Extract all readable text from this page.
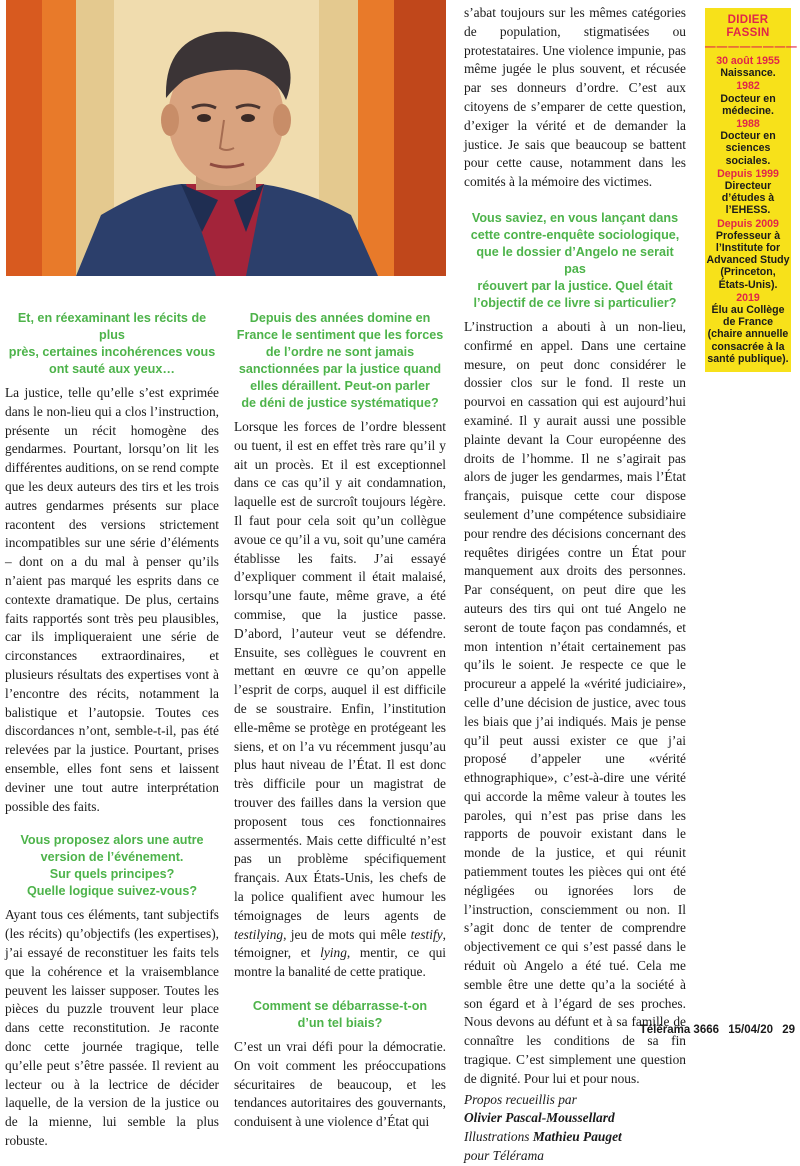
Et, en réexaminant les récits de plus
près, certaines incohérences vous
ont sauté aux yeux…

La justice, telle qu’elle s’est exprimée dans le non-lieu qui a clos l’instruction, présente un récit homogène des gendarmes. Pourtant, lorsqu’on lit les différentes auditions, on se rend compte que les deux auteurs des tirs et les trois autres gendarmes présents sur place racontent des versions strictement incompatibles sur une série d’éléments – dont on a du mal à penser qu’ils n’aient pas marqué les esprits dans ce contexte dramatique. De plus, certains faits rapportés sont très peu plausibles, car ils impliqueraient une série de circonstances extraordinaires, et plusieurs résultats des expertises vont à l’encontre des récits, notamment la balistique et l’autopsie. Toutes ces discordances n’ont, semble-t-il, pas été relevées par la justice. Pourtant, prises ensemble, elles font sens et laissent deviner une tout autre interprétation possible des faits.

Vous proposez alors une autre
version de l’événement.
Sur quels principes?
Quelle logique suivez-vous?

Ayant tous ces éléments, tant subjectifs (les récits) qu’objectifs (les expertises), j’ai essayé de reconstituer les faits tels que la cohérence et la vraisemblance peuvent les laisser supposer. Toutes les pièces du puzzle trouvent leur place dans cette reconstitution. Je raconte donc cette journée tragique, telle qu’elle peut s’être passée. Il revient au lecteur ou à la lectrice de décider laquelle, de la version de la justice ou de la mienne, lui semble la plus robuste.

Depuis des années domine en
France le sentiment que les forces
de l’ordre ne sont jamais
sanctionnées par la justice quand
elles déraillent. Peut-on parler
de déni de justice systématique?

Lorsque les forces de l’ordre blessent ou tuent, il est en effet très rare qu’il y ait un procès. Et il est exceptionnel dans ce cas qu’il y ait condamnation, laquelle est de surcroît toujours légère. Il faut pour cela soit qu’un collègue avoue ce qu’il a vu, soit qu’une caméra établisse les faits. J’ai essayé d’expliquer comment il était malaisé, lorsqu’une faute, même grave, a été commise, que la justice passe. D’abord, l’auteur veut se défendre. Ensuite, ses collègues le couvrent en mettant en œuvre ce qu’on appelle l’esprit de corps, auquel il est difficile de se soustraire. Enfin, l’institution elle-même se protège en protégeant les siens, et on l’a vu récemment jusqu’au plus haut niveau de l’État. Il est donc très difficile pour un magistrat de trouver des failles dans la version que proposent tous ces fonctionnaires assermentés. Mais cette difficulté n’est pas un problème spécifiquement français. Aux États-Unis, les chefs de la police qualifient avec humour les témoignages de leurs agents de testilying, jeu de mots qui mêle testify, témoigner, et lying, mentir, ce qui montre la banalité de cette pratique.

Comment se débarrasse-t-on
d’un tel biais?

C’est un vrai défi pour la démocratie. On voit comment les préoccupations sécuritaires de beaucoup, et les tendances autoritaires des gouvernants, conduisent à une violence d’État qui

s’abat toujours sur les mêmes catégories de population, stigmatisées ou protestataires. Une violence impunie, pas même jugée le plus souvent, et récusée par ses donneurs d’ordre. C’est aux citoyens de s’emparer de cette question, d’exiger la vérité et de demander la justice. Je sais que beaucoup se battent pour cette cause, notamment dans les comités à la mémoire des victimes.

Vous saviez, en vous lançant dans
cette contre-enquête sociologique,
que le dossier d’Angelo ne serait pas
réouvert par la justice. Quel était
l’objectif de ce livre si particulier?

L’instruction a abouti à un non-lieu, confirmé en appel. Dans une certaine mesure, on peut donc considérer le dossier clos sur le fond. Il reste un pourvoi en cassation qui est aujourd’hui examiné. Il y aurait aussi une possible plainte devant la Cour européenne des droits de l’homme. Il ne s’agirait pas alors de juger les gendarmes, mais l’État français, puisque cette cour dispose seulement d’une compétence subsidiaire pour rendre des décisions concernant des requêtes dirigées contre un État pour manquement aux droits des personnes. Par conséquent, on peut dire que les auteurs des tirs qui ont tué Angelo ne seront de toute façon pas condamnés, et mon intention n’était certainement pas qu’ils le soient. Je respecte ce que le procureur a appelé la «vérité judiciaire», celle d’une décision de justice, avec tous les biais que j’ai indiqués. Mais je pense qu’il peut aussi exister ce que j’ai proposé d’appeler une «vérité ethnographique», c’est-à-dire une vérité qui accorde la même valeur à toutes les paroles, qui n’est pas prise dans les rapports de pouvoir existant dans le monde de la justice, et qui réunit patiemment toutes les pièces qui ont été négligées ou ignorées lors de l’instruction, consciemment ou non. Il s’agit donc de tenter de comprendre objectivement ce qui s’est passé dans le réduit où Angelo a été tué. Cela me semble être une dette qu’a la société à son égard et à l’égard de ses proches. Nous devons au défunt et à sa famille de connaître les conditions de sa fin tragique. C’est simplement une question de dignité. Pour lui et pour nous.

Propos recueillis par
Olivier Pascal-Moussellard
Illustrations Mathieu Pauget
pour Télérama
DIDIER
FASSIN
————————
30 août 1955
Naissance.
1982
Docteur en médecine.
1988
Docteur en sciences sociales.
Depuis 1999
Directeur d’études à l’EHESS.
Depuis 2009
Professeur à l’Institute for Advanced Study (Princeton, États-Unis).
2019
Élu au Collège de France (chaire annuelle consacrée à la santé publique).
Télérama 3666 15/04/20 29
